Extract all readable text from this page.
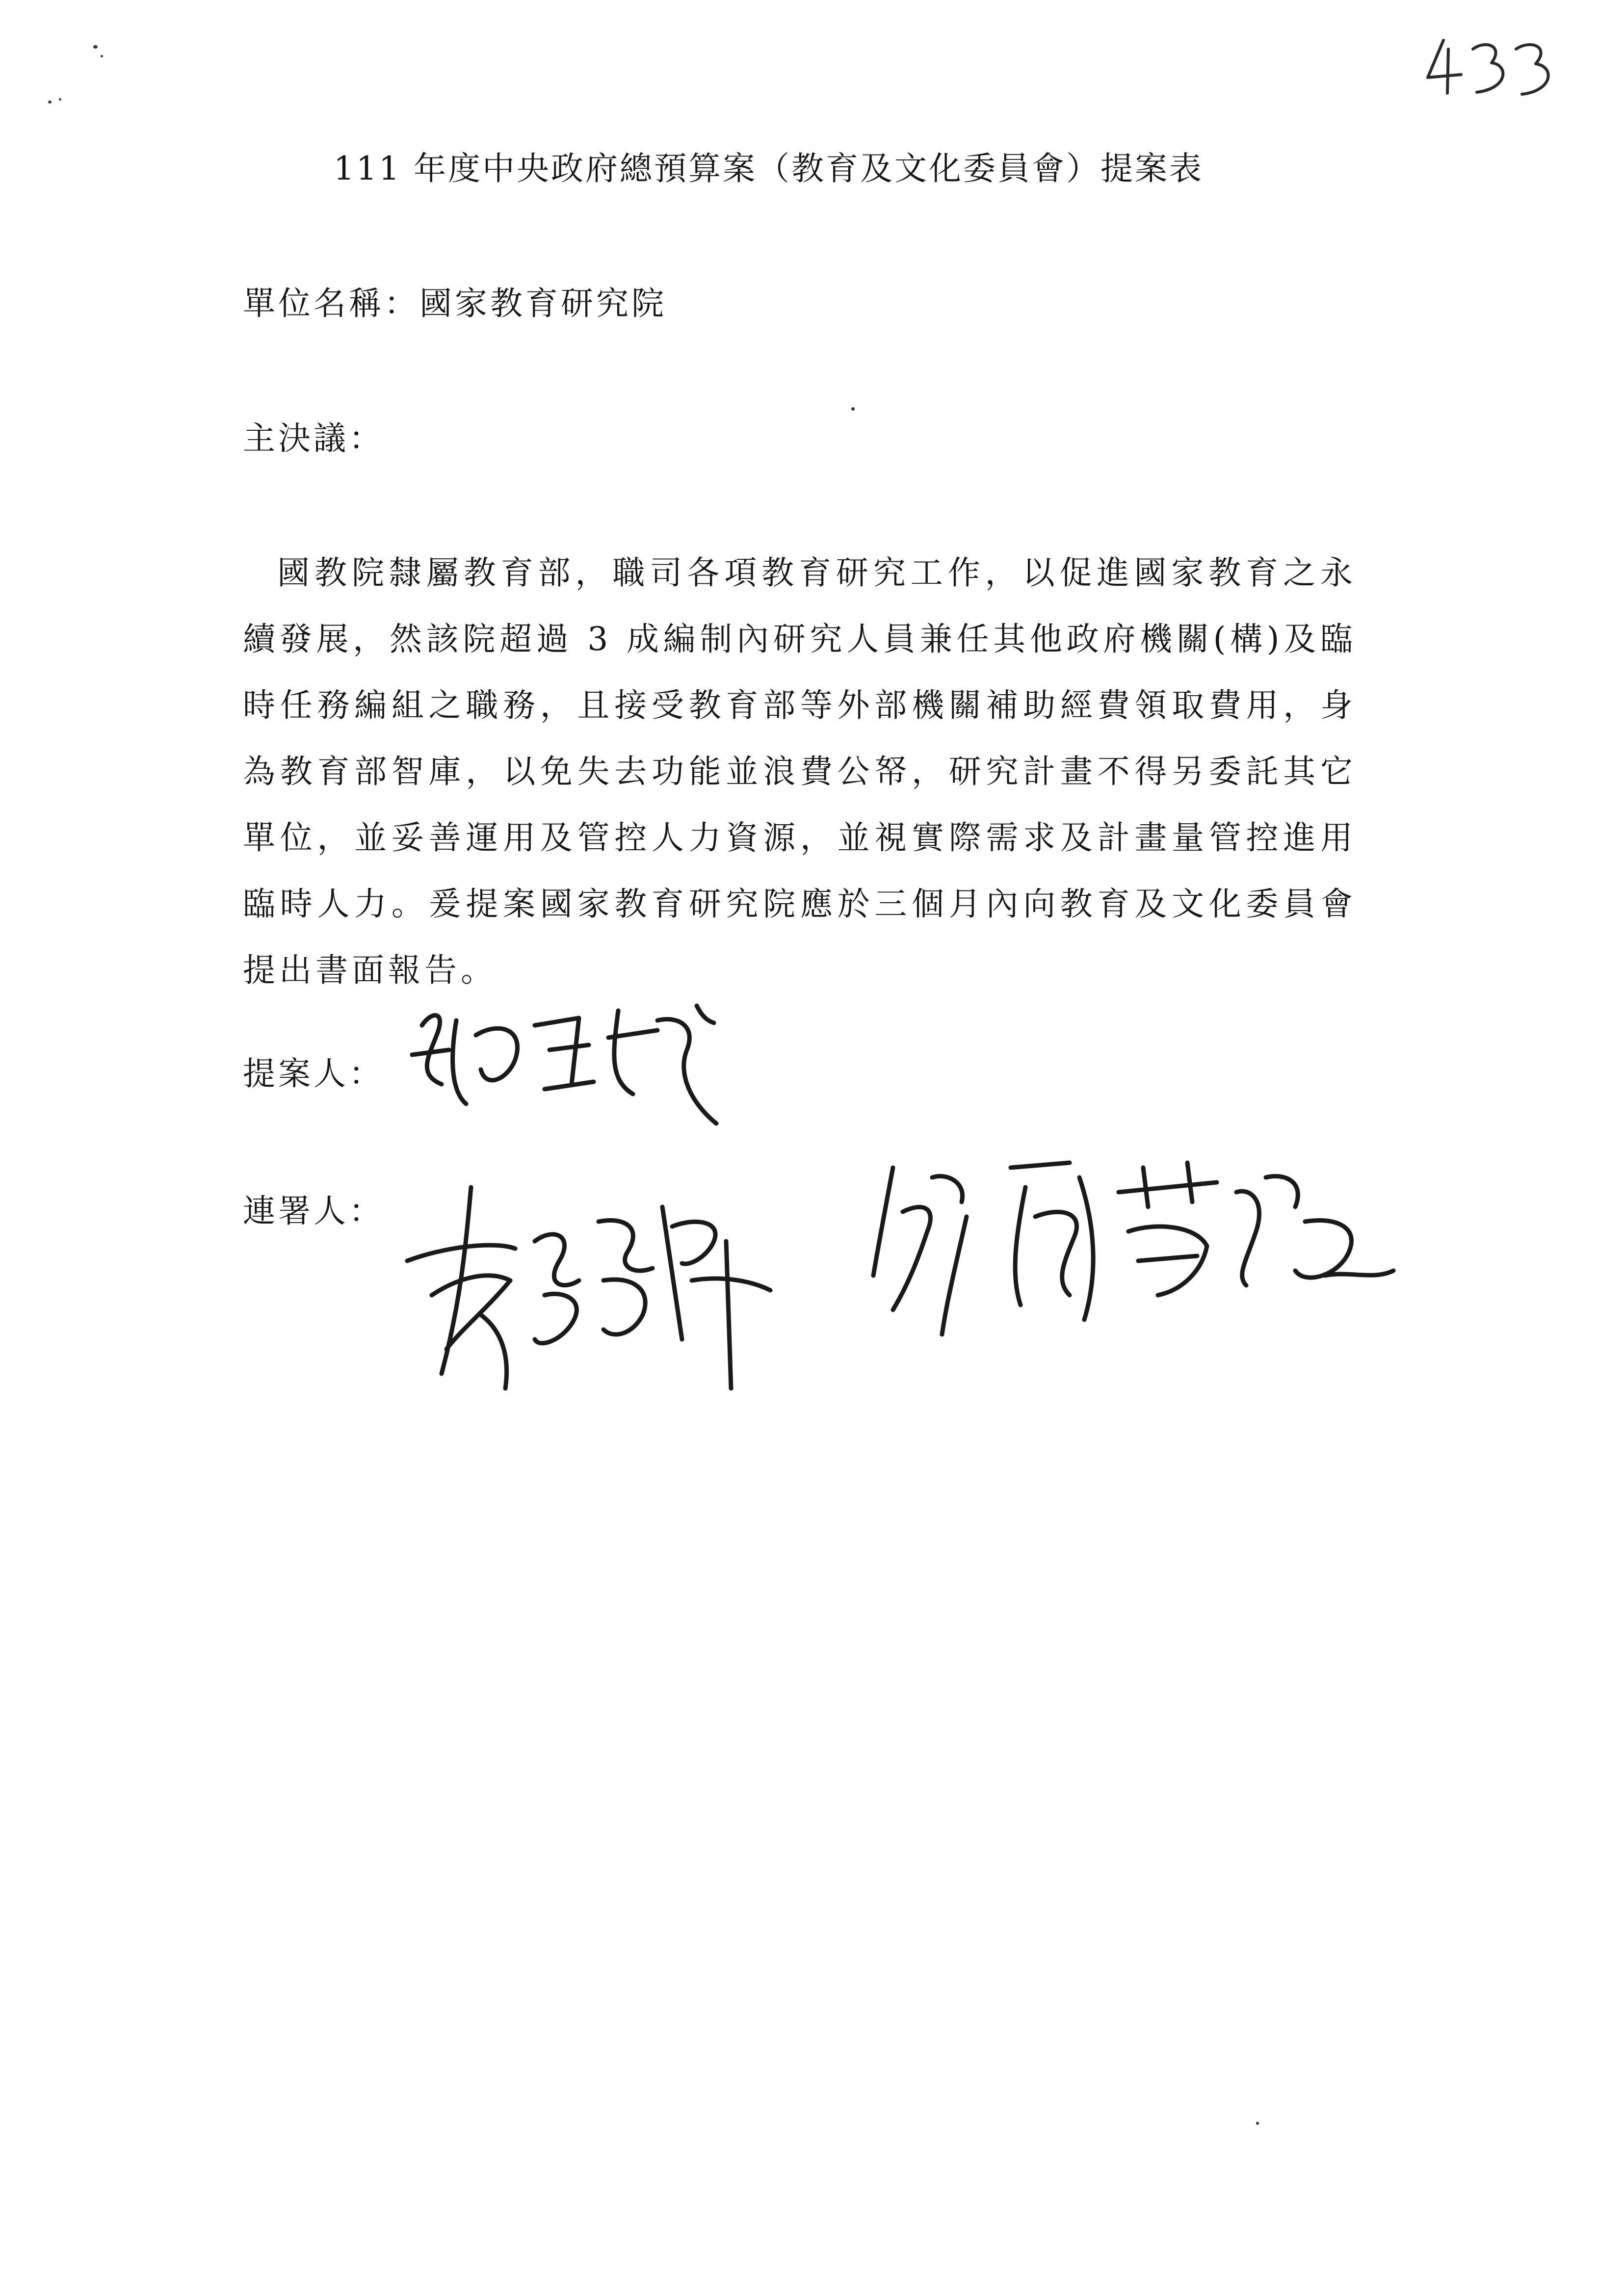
111 年度中央政府總預算案（教育及文化委員會）提案表
單位名稱：國家教育研究院
主決議：
國教院隸屬教育部，職司各項教育研究工作，以促進國家教育之永續發展，然該院超過 3 成編制內研究人員兼任其他政府機關(構)及臨時任務編組之職務，且接受教育部等外部機關補助經費領取費用，身為教育部智庫，以免失去功能並浪費公帑，研究計畫不得另委託其它單位，並妥善運用及管控人力資源，並視實際需求及計畫量管控進用臨時人力。爰提案國家教育研究院應於三個月內向教育及文化委員會提出書面報告。
提案人：
連署人：
